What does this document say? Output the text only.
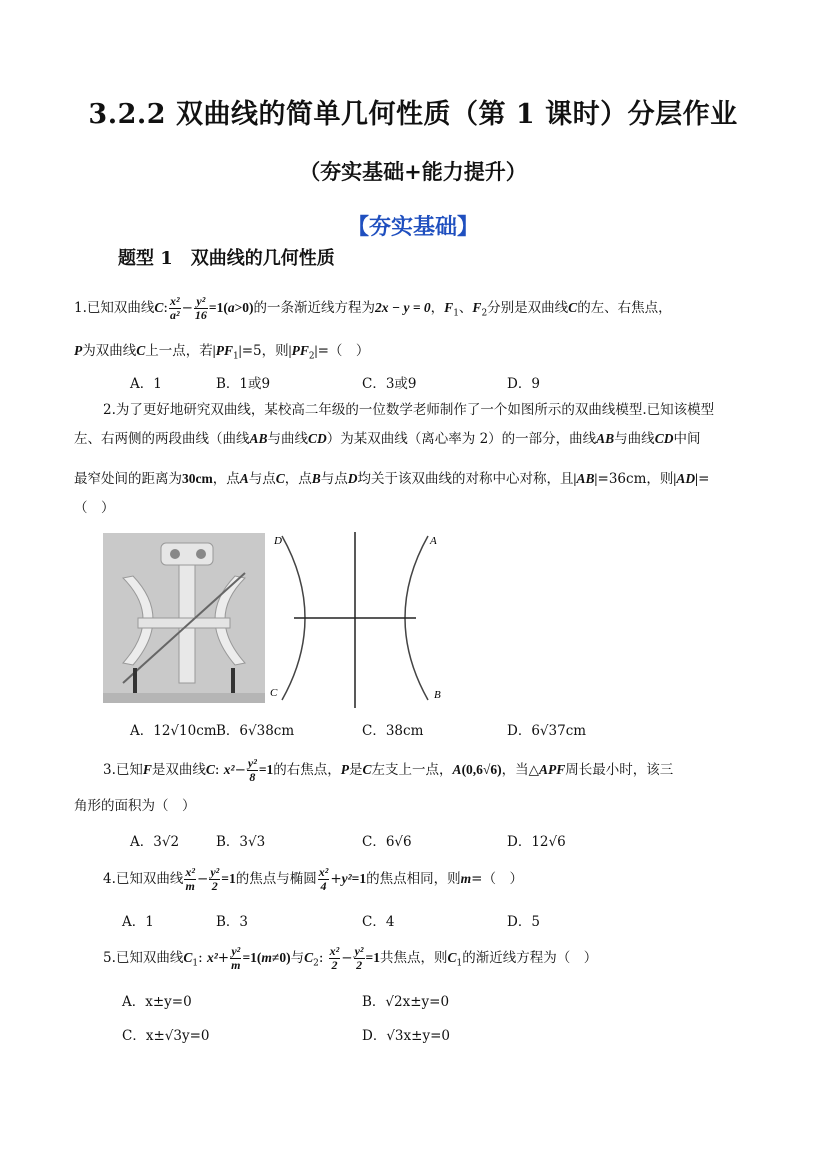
3.2.2 双曲线的简单几何性质（第 1 课时）分层作业
（夯实基础+能力提升）
【夯实基础】
题型 1　双曲线的几何性质
1.已知双曲线C: $\frac{\text{x²}}{\text{a²}} - \frac{\text{y²}}{16} =1(a>0)$的一条渐近线方程为2x − y = 0，$F_1$、$F_2$分别是双曲线C的左、右焦点，
P为双曲线C上一点，若$|PF_1|=5$，则$|PF_2|=$（　）
A．1	B．1或9	C．3或9	D．9
2.为了更好地研究双曲线，某校高二年级的一位数学老师制作了一个如图所示的双曲线模型.已知该模型
左、右两侧的两段曲线（曲线AB与曲线CD）为某双曲线（离心率为 2）的一部分，曲线AB与曲线CD中间
最窄处间的距离为30cm，点A与点C，点B与点D均关于该双曲线的对称中心对称，且|AB|=36cm，则|AD|=
（　）
D	A
C	B
A．12√10cm B．6√38cm	C．38cm	D．6√37cm
3.已知F是双曲线C: $x^2- \frac{\text{y²}}{8} =1$的右焦点，P是C左支上一点，A(0,6√6)，当△APF周长最小时，该三
角形的面积为（　）
A．3√2	B．3√3	C．6√6	D．12√6
4.已知双曲线 $\frac{\text{x²}}{m} - \frac{\text{y²}}{2} =1$的焦点与椭圆 $\frac{\text{x²}}{4} +y^2=1$的焦点相同，则m=（　）
A．1	B．3	C．4	D．5
5.已知双曲线$C_1$: $x^2+ \frac{\text{y²}}{m} =1(m\ne 0)$与$C_2$: $\frac{\text{x²}}{2} - \frac{\text{y²}}{2} =1$共焦点，则$C_1$的渐近线方程为（　）
A．x±y=0	B．√2x±y=0
C．x±√3y=0	D．√3x±y=0
